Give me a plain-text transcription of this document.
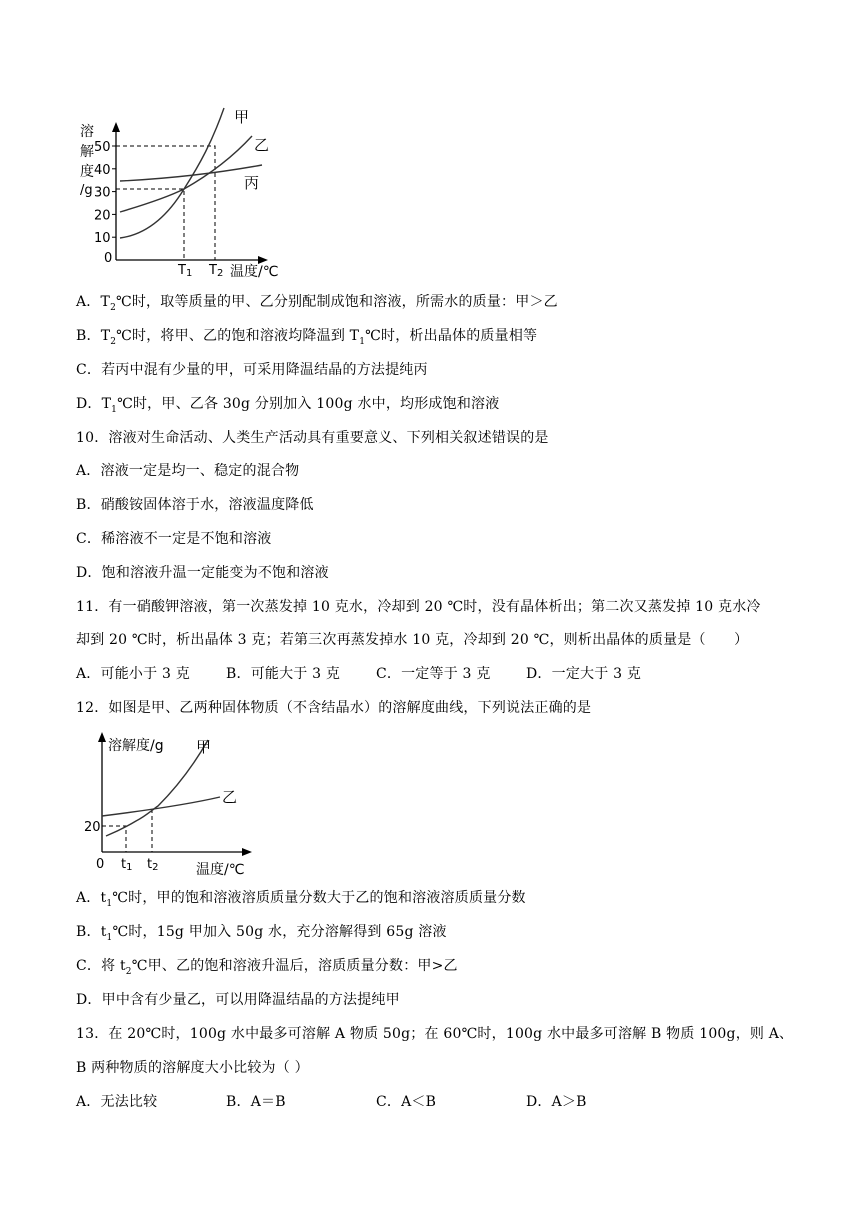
50
40
30
20
10
0
溶
解
度
/g
T1 T2 温度/℃
甲
乙
丙
A．$T_2℃$时，取等质量的甲、乙分别配制成饱和溶液，所需水的质量：甲＞乙
B．$T_2℃$时，将甲、乙的饱和溶液均降温到 $T_1℃$时，析出晶体的质量相等
C．若丙中混有少量的甲，可采用降温结晶的方法提纯丙
D．$T_1℃$时，甲、乙各 30g 分别加入 100g 水中，均形成饱和溶液
10．溶液对生命活动、人类生产活动具有重要意义、下列相关叙述错误的是
A．溶液一定是均一、稳定的混合物
B．硝酸铵固体溶于水，溶液温度降低
C．稀溶液不一定是不饱和溶液
D．饱和溶液升温一定能变为不饱和溶液
11．有一硝酸钾溶液，第一次蒸发掉 10 克水，冷却到 20 ℃时，没有晶体析出；第二次又蒸发掉 10 克水冷
却到 20 ℃时，析出晶体 3 克；若第三次再蒸发掉水 10 克，冷却到 20 ℃，则析出晶体的质量是（　　）
A．可能小于 3 克	B．可能大于 3 克	C．一定等于 3 克	D．一定大于 3 克
12．如图是甲、乙两种固体物质（不含结晶水）的溶解度曲线，下列说法正确的是
溶解度/g
20
0 t1 t2	温度/℃
甲
乙
A．$t_1℃$时，甲的饱和溶液溶质质量分数大于乙的饱和溶液溶质质量分数
B．$t_1℃$时，15g 甲加入 50g 水，充分溶解得到 65g 溶液
C．将 $t_2℃$甲、乙的饱和溶液升温后，溶质质量分数：甲>乙
D．甲中含有少量乙，可以用降温结晶的方法提纯甲
13．在 20℃时，100g 水中最多可溶解 A 物质 50g；在 60℃时，100g 水中最多可溶解 B 物质 100g，则 A、
B 两种物质的溶解度大小比较为（ ）
A．无法比较	B．A＝B	C．A＜B	D．A＞B
